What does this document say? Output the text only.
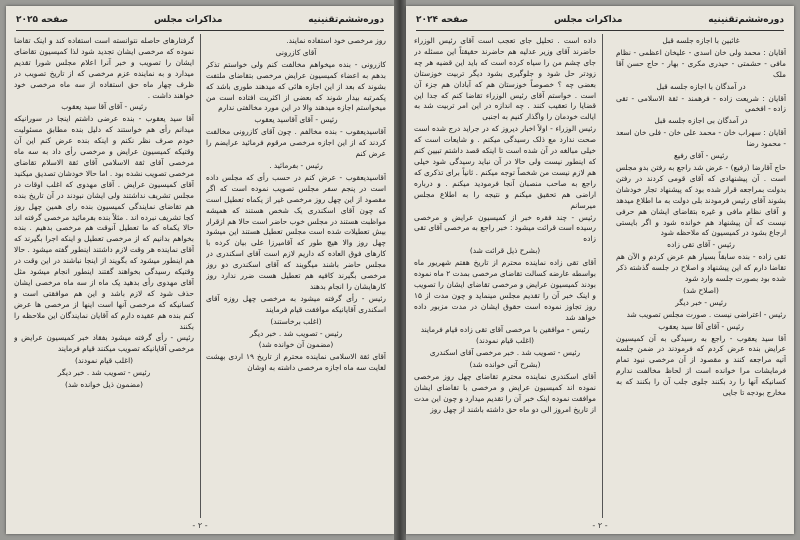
دوره‌ششم‌تقنینیه
مذاکرات مجلس
صفحه ۲۰۲۵

روز مرخصی خود استفاده نمایند.

آقای کازرونی

کازرونی - بنده میخواهم مخالفت کنم ولی خواستم تذکر بدهم به اعضاء کمیسیون عرایض مرخصی بتقاضای ملتفت بشوند که بعد از این اجازه هائی که میدهند طوری باشد که پکمرتبه بیدار شوند که بعضی از اکثریت افتاده است من میخواستم اجازه میدهند والا در این مورد مخالفتی ندارم

رئیس - آقای آقاسید یعقوب

آقاسیدیعقوب - بنده مخالفم . چون آقای کازرونی مخالفت کردند که از این اجازه مرخصی مرقوم فرمائید عرایضم را عرض کنم

رئیس - بفرمائید .

آقاسیدیعقوب - عرض کنم در حسب رأی که مجلس داده است در پنجم سفر مجلس تصویب نموده است که اگر مقصود از این چهل روز مرخصی غیر از یکماه تعطیل است که چون آقای اسکندری یک شخص هستند که همیشه مواظبت هستند در مجلس خوب حاضر است حالا هم ازقرار بیش تعطیلات شده است مجلس تعطیل هستند این میشود چهل روز والا هیچ طور که آقامیرزا علی بیان کرده با کارهای فوق العاده که داریم لازم است آقای اسکندری در مجلس حاضر باشند میگویند که آقای اسکندری دو روز مرخصی بگیرند کافیه هم تعطیل هست ضرر ندارد روز کارهایشان را انجام بدهند

رئیس - رأی گرفته میشود به مرخصی چهل روزه آقای اسکندری آقایانیکه موافقت قیام فرمایند

(اغلب برخاستند)

رئیس - تصویب شد . خبر دیگر

(مضمون آن خوانده شد)

آقای ثقة الاسلامی نماینده محترم از تاریخ ۱۹ اردی بهشت لغایت سه ماه اجازه مرخصی داشته به اوشان

گرفتارهای حاصله نتوانسته است استفاده کند و اینک تقاضا نموده که مرخصی ایشان تجدید شود لذا کمیسیون تقاضای ایشان را تصویب و خبر آنرا اعلام مجلس شورا تقدیم میدارد و به نماینده عزم مرخصی که از تاریخ تصویب در ظرف چهار ماه حق استفاده از سه ماه مرخصی خود خواهند داشت .

رئیس - آقای آقا سید یعقوب

آقا سید یعقوب - بنده عرضی داشتم اینجا در سورانیکه میدانم رأی هم خواستند که دلیل بنده مطابق مسئولیت خودم صرف نظر نکنم و اینکه بنده عرض کنم این آن وقتیکه کمیسیون عرایض و مرخصی رأی داد به سه ماه مرخصی آقای ثقة الاسلامی آقای ثقة الاسلام تقاضای مرخصی تصویب نشده بود . اما حالا خودشان تصدیق میکنید آقای کمیسیون عرایض . آقای مهدوی که اغلب اوقات در مجلس تشریف نداشتند ولی ایشان نبودند در آن تاریخ بنده هم تقاضای نمایندگی کمیسیون بنده رای همین چهل روز کجا تشریف نبرده اند . مثلاً بنده بفرمائید مرخصی گرفته اند حالا یکماه که ما تعطیل آنوقت هم مرخصی بدهیم . بنده بخواهم بدانیم که از مرخصی تعطیل و اینکه اجرا بگیرند که آقای نماینده هر وقت لازم داشتند اینطور گفته میشود . حالا هم اینطور میشود که بگویند از اینجا نباشند در این وقت در وقتیکه رسیدگی بخواهند گفتند اینطور انجام میشود مثل آقای مهدوی رأی بدهید یک ماه از سه ماه مرخصی ایشان حذف شود که لازم باشد و این هم موافقتی است و کسانیکه که مرخصی آنها است اینها از مرخصی ها عرض کنم بنده هم عقیده دارم که آقایان نمایندگان این ملاحظه را بکنند

رئیس - رأی گرفته میشود بفقاد خبر کمیسیون عرایض و مرخصی آقایانیکه تصویب میکنند قیام فرمایند

(اغلب قیام نمودند)

رئیس - تصویب شد . خبر دیگر

(مضمون ذیل خوانده شد)

- ۲ -
دوره‌ششم‌تقنینیه
مذاکرات مجلس
صفحه ۲۰۲۴

غائبین با اجازه جلسه قبل

آقایان : محمد ولی خان اسدی - علیخان اعظمی - نظام مافی - حشمتی - حیدری مکری - بهار - حاج حسن آقا ملک

در آمدگان با اجازه جلسه قبل

آقایان : شریعت زاده - فرهمند - ثقة الاسلامی - تقی زاده - افخمی

در آمدگان بی اجازه جلسه قبل

آقایان : سهراب خان - محمد علی خان - فلی خان اسعد - محمود رضا

رئیس - آقای رفیع

حاج آقارضا (رفیع) - عرض شد راجع به رفتن بدو مجلس است . آن پیشنهادی که آقای قومی کردند در رفتن بدولت بمراجعه قرار شده بود که پیشنهاد تجار خودشان بشوند آقای رئیس فرمودند بلی دولت به ما اطلاع میدهد و آقای نظام مافی و غیره بتقاضای ایشان هم حرفی نیست که آن پیشنهاد هم خوانده شود و اگر بایستی ارجاع بشود در کمیسیون که ملاحظه شود

رئیس - آقای تقی زاده

تقی زاده - بنده سابقاً بسیار هم عرض کردم و الآن هم تقاضا دارم که این پیشنهاد و اصلاح در جلسه گذشته ذکر شده بود بصورت جلسه وارد شود

(اصلاح شد)

رئیس - خبر دیگر

رئیس - اعتراضی نیست . صورت مجلس تصویب شد

رئیس - آقای آقا سید یعقوب

آقا سید یعقوب - راجع به رسیدگی به آن کمیسیون عرایض بنده عرض کردم که فرمودند در ضمن جلسه آتیه مراجعه کنند و مقصود از آن مرخصی نبود تمام فرمایشات مرا خوانده است از لحاظ مخالفت ندارم کسانیکه آنها را رد بکنند جلوی جلب آن را بکنند که به مخارج بودجه تا جایی

داده است . تحلیل جای تعجب است آقای رئیس الوزراء حاضرند آقای وزیر عدلیه هم حاضرند حقیقتاً این مسئله در جای چشم من را سیاه کرده است که باید این قضیه هر چه زودتر حل شود و جلوگیری بشود دیگر تربیت خوزستان بعضی چه ؟ خصوصاً خوزستان هم که آبادان هم جزء آن است . خواستم آقای رئیس الوزراء تقاضا کنم که جدا این قضایا را تعقیب کنند . چه اندازه در این امر تربیت شد به ایالت خودمان را واگذار کنیم به اجنبی

رئیس الوزراء - اولاً اخبار دیروز که در جراید درج شده است صحت ندارد مع ذلک رسیدگی میکنم . و شایعات است که خیلی مبالغه در آن شده است تا اینکه قصد داشتم تبیین کنم که اینطور نیست ولی حالا در آن نباید رسیدگی شود خیلی هم لازم نیست من شخصاً توجه میکنم . ثانیاً برای تذکری که راجع به صاحب منصبان آنجا فرمودید میکنم . و درباره اراضی هم تحقیق میکنم و نتیجه را به اطلاع مجلس میرسانم

رئیس - چند فقره خبر از کمیسیون عرایض و مرخصی رسیده است قرائت میشود : خبر راجع به مرخصی آقای تقی زاده

(بشرح ذیل قرائت شد)

آقای تقی زاده نماینده محترم از تاریخ هفتم شهریور ماه بواسطه عارضه کسالت تقاضای مرخصی بمدت ۲ ماه نموده بودند کمیسیون عرایض و مرخصی تقاضای ایشان را تصویب و اینک خبر آن را تقدیم مجلس مینماید و چون مدت از ۱۵ روز تجاوز نموده است حقوق ایشان در مدت مزبور داده خواهد شد

رئیس - موافقین با مرخصی آقای تقی زاده قیام فرمایند

(اغلب قیام نمودند)

رئیس - تصویب شد . خبر مرخصی آقای اسکندری

(بشرح آتی خوانده شد)

آقای اسکندری نماینده محترم تقاضای چهل روز مرخصی نموده اند کمیسیون عرایض و مرخصی با تقاضای ایشان موافقت نموده اینک خبر آن را تقدیم میدارد و چون این مدت از تاریخ امروز الی دو ماه حق داشته باشند از چهل روز

- ۲ -
